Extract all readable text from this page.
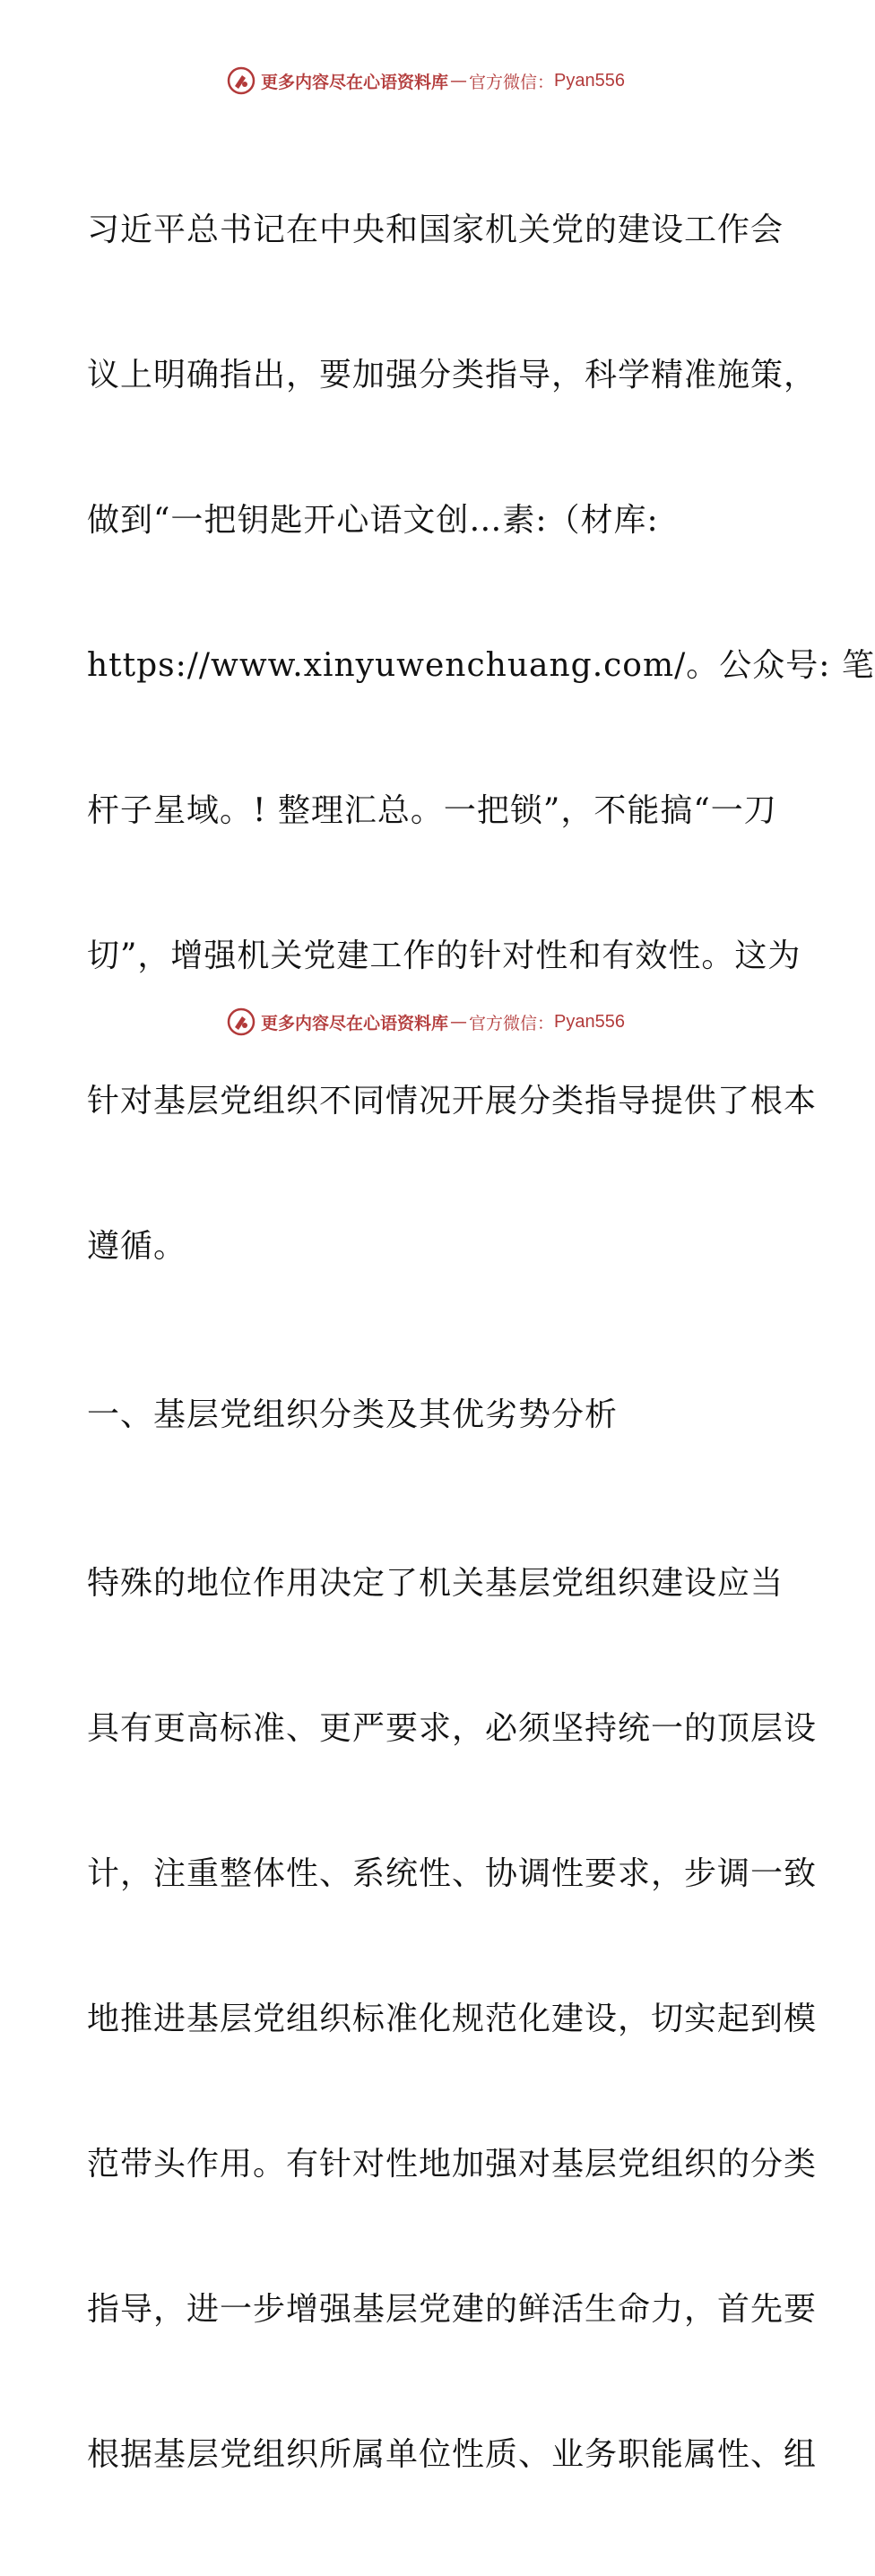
更多内容尽在心语资料库 — 官方微信： Pyan556

习近平总书记在中央和国家机关党的建设工作会

议上明确指出，要加强分类指导，科学精准施策，

做到“一把钥匙开心语文创…素:（材库:

https://www.xinyuwenchuang.com/。公众号: 笔

杆子星域。! 整理汇总。一把锁”，不能搞“一刀

切”，增强机关党建工作的针对性和有效性。这为

针对基层党组织不同情况开展分类指导提供了根本

遵循。

一、基层党组织分类及其优劣势分析

特殊的地位作用决定了机关基层党组织建设应当

具有更高标准、更严要求，必须坚持统一的顶层设

计，注重整体性、系统性、协调性要求，步调一致

地推进基层党组织标准化规范化建设，切实起到模

范带头作用。有针对性地加强对基层党组织的分类

指导，进一步增强基层党建的鲜活生命力，首先要

根据基层党组织所属单位性质、业务职能属性、组

更多内容尽在心语资料库 — 官方微信： Pyan556
